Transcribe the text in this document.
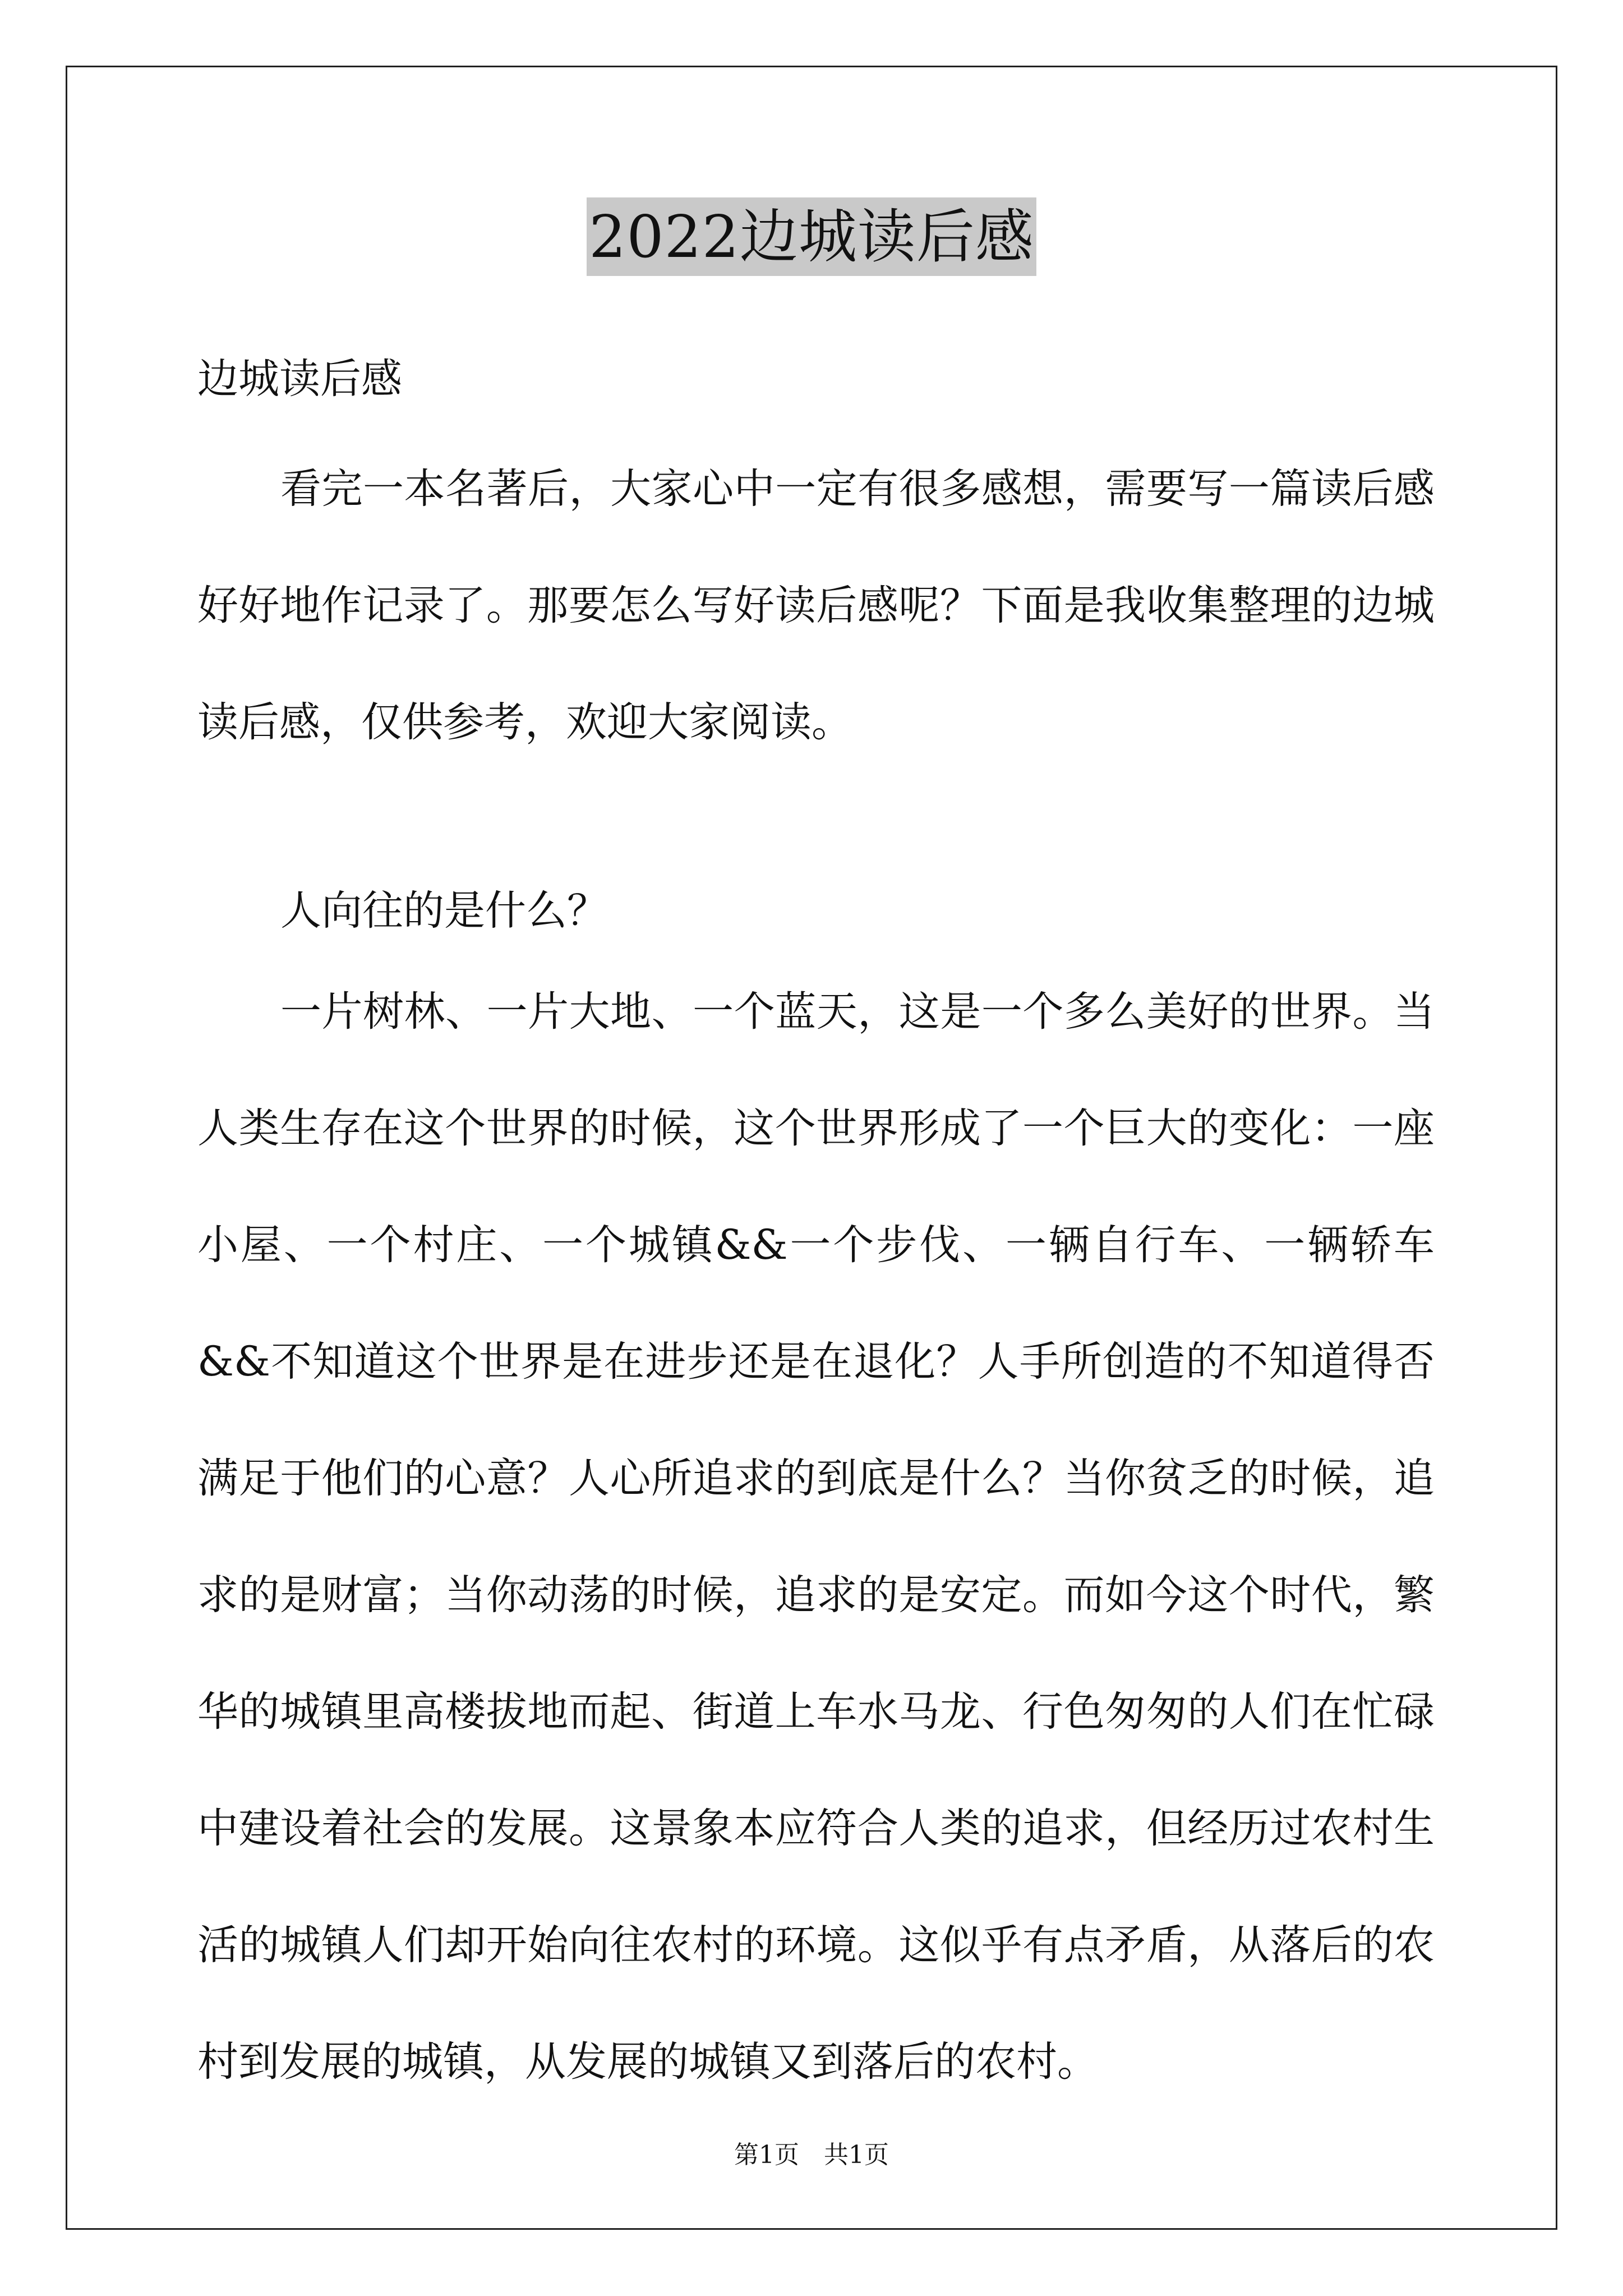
2022边城读后感

边城读后感

看完一本名著后，大家心中一定有很多感想，需要写一篇读后感好好地作记录了。那要怎么写好读后感呢？下面是我收集整理的边城读后感，仅供参考，欢迎大家阅读。

人向往的是什么？

一片树林、一片大地、一个蓝天，这是一个多么美好的世界。当人类生存在这个世界的时候，这个世界形成了一个巨大的变化：一座小屋、一个村庄、一个城镇&&一个步伐、一辆自行车、一辆轿车&&不知道这个世界是在进步还是在退化？人手所创造的不知道得否满足于他们的心意？人心所追求的到底是什么？当你贫乏的时候，追求的是财富；当你动荡的时候，追求的是安定。而如今这个时代，繁华的城镇里高楼拔地而起、街道上车水马龙、行色匆匆的人们在忙碌中建设着社会的发展。这景象本应符合人类的追求，但经历过农村生活的城镇人们却开始向往农村的环境。这似乎有点矛盾，从落后的农村到发展的城镇，从发展的城镇又到落后的农村。

第1页　共1页
